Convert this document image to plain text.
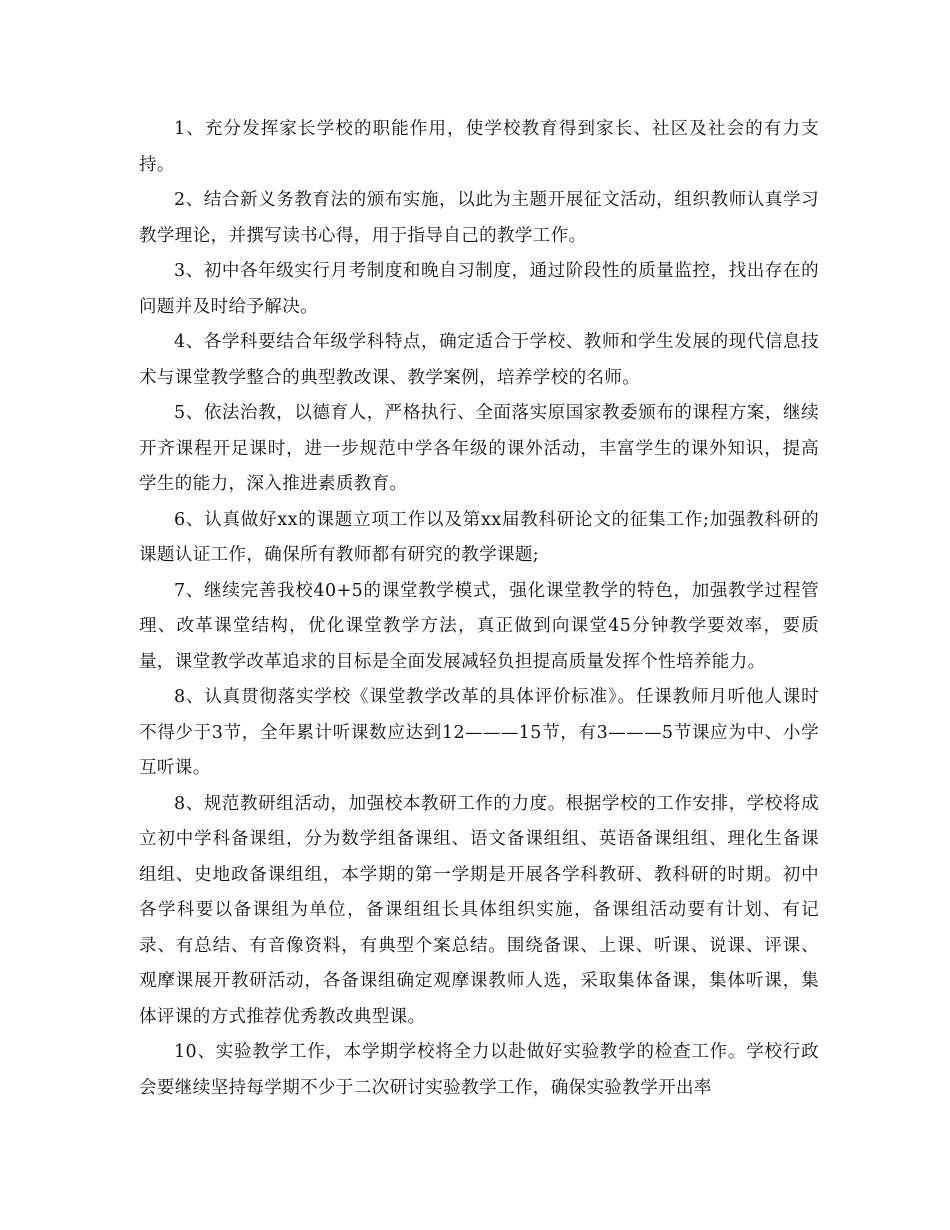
1、充分发挥家长学校的职能作用，使学校教育得到家长、社区及社会的有力支持。

2、结合新义务教育法的颁布实施，以此为主题开展征文活动，组织教师认真学习教学理论，并撰写读书心得，用于指导自己的教学工作。

3、初中各年级实行月考制度和晚自习制度，通过阶段性的质量监控，找出存在的问题并及时给予解决。

4、各学科要结合年级学科特点，确定适合于学校、教师和学生发展的现代信息技术与课堂教学整合的典型教改课、教学案例，培养学校的名师。

5、依法治教，以德育人，严格执行、全面落实原国家教委颁布的课程方案，继续开齐课程开足课时，进一步规范中学各年级的课外活动，丰富学生的课外知识，提高学生的能力，深入推进素质教育。

6、认真做好xx的课题立项工作以及第xx届教科研论文的征集工作;加强教科研的课题认证工作，确保所有教师都有研究的教学课题;

7、继续完善我校40+5的课堂教学模式，强化课堂教学的特色，加强教学过程管理、改革课堂结构，优化课堂教学方法，真正做到向课堂45分钟教学要效率，要质量，课堂教学改革追求的目标是全面发展减轻负担提高质量发挥个性培养能力。

8、认真贯彻落实学校《课堂教学改革的具体评价标准》。任课教师月听他人课时不得少于3节，全年累计听课数应达到12———15节，有3———5节课应为中、小学互听课。

8、规范教研组活动，加强校本教研工作的力度。根据学校的工作安排，学校将成立初中学科备课组，分为数学组备课组、语文备课组组、英语备课组组、理化生备课组组、史地政备课组组，本学期的第一学期是开展各学科教研、教科研的时期。初中各学科要以备课组为单位，备课组组长具体组织实施，备课组活动要有计划、有记录、有总结、有音像资料，有典型个案总结。围绕备课、上课、听课、说课、评课、观摩课展开教研活动，各备课组确定观摩课教师人选，采取集体备课，集体听课，集体评课的方式推荐优秀教改典型课。

10、实验教学工作，本学期学校将全力以赴做好实验教学的检查工作。学校行政会要继续坚持每学期不少于二次研讨实验教学工作，确保实验教学开出率
